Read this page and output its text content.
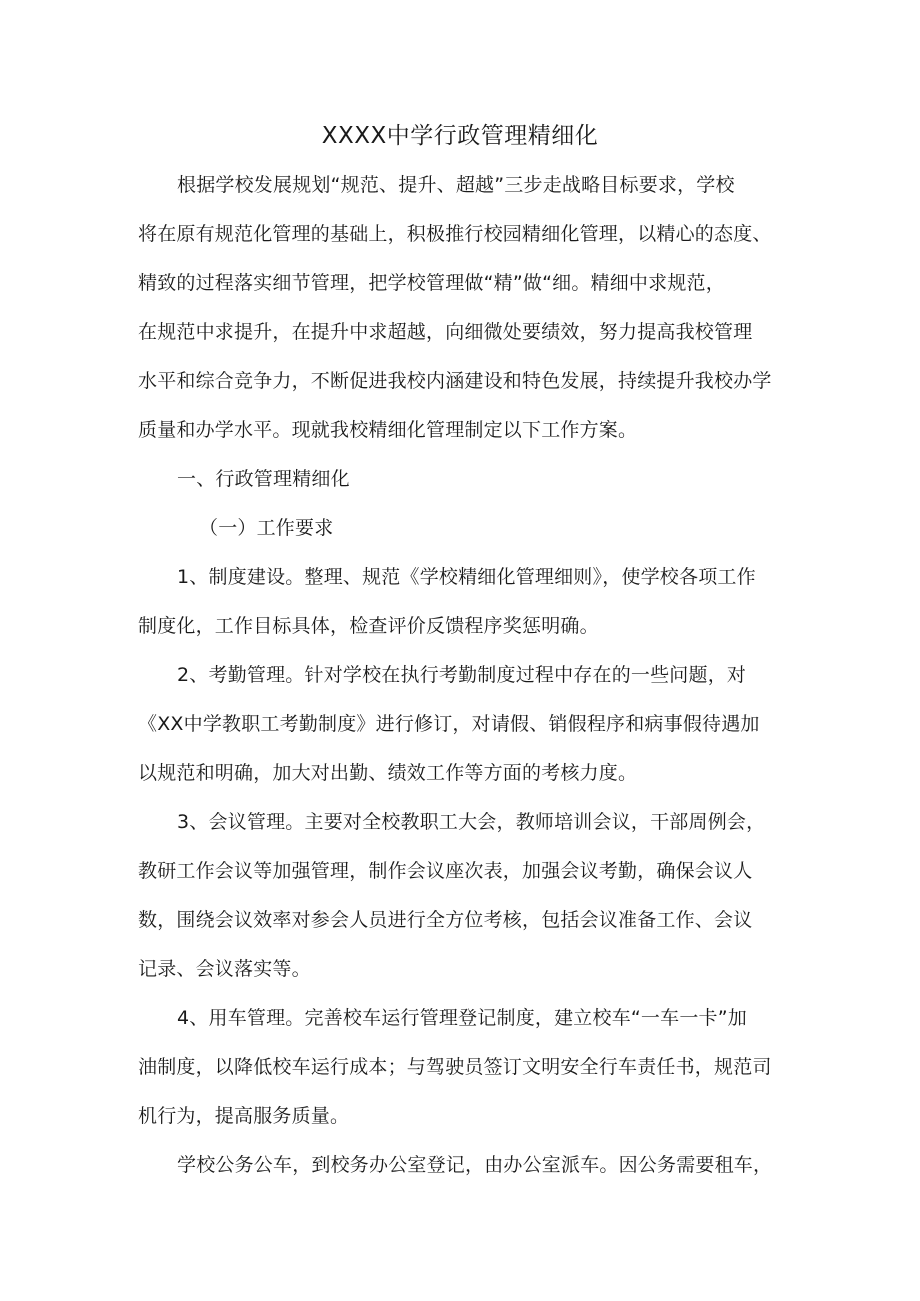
XXXX中学行政管理精细化
根据学校发展规划“规范、提升、超越”三步走战略目标要求，学校
将在原有规范化管理的基础上，积极推行校园精细化管理，以精心的态度、
精致的过程落实细节管理，把学校管理做“精”做“细。精细中求规范，
在规范中求提升，在提升中求超越，向细微处要绩效，努力提高我校管理
水平和综合竞争力，不断促进我校内涵建设和特色发展，持续提升我校办学
质量和办学水平。现就我校精细化管理制定以下工作方案。
一、行政管理精细化
（一）工作要求
1、制度建设。整理、规范《学校精细化管理细则》，使学校各项工作
制度化，工作目标具体，检查评价反馈程序奖惩明确。
2、考勤管理。针对学校在执行考勤制度过程中存在的一些问题，对
《XX中学教职工考勤制度》进行修订，对请假、销假程序和病事假待遇加
以规范和明确，加大对出勤、绩效工作等方面的考核力度。
3、会议管理。主要对全校教职工大会，教师培训会议，干部周例会，
教研工作会议等加强管理，制作会议座次表，加强会议考勤，确保会议人
数，围绕会议效率对参会人员进行全方位考核，包括会议准备工作、会议
记录、会议落实等。
4、用车管理。完善校车运行管理登记制度，建立校车“一车一卡”加
油制度，以降低校车运行成本；与驾驶员签订文明安全行车责任书，规范司
机行为，提高服务质量。
学校公务公车，到校务办公室登记，由办公室派车。因公务需要租车，
